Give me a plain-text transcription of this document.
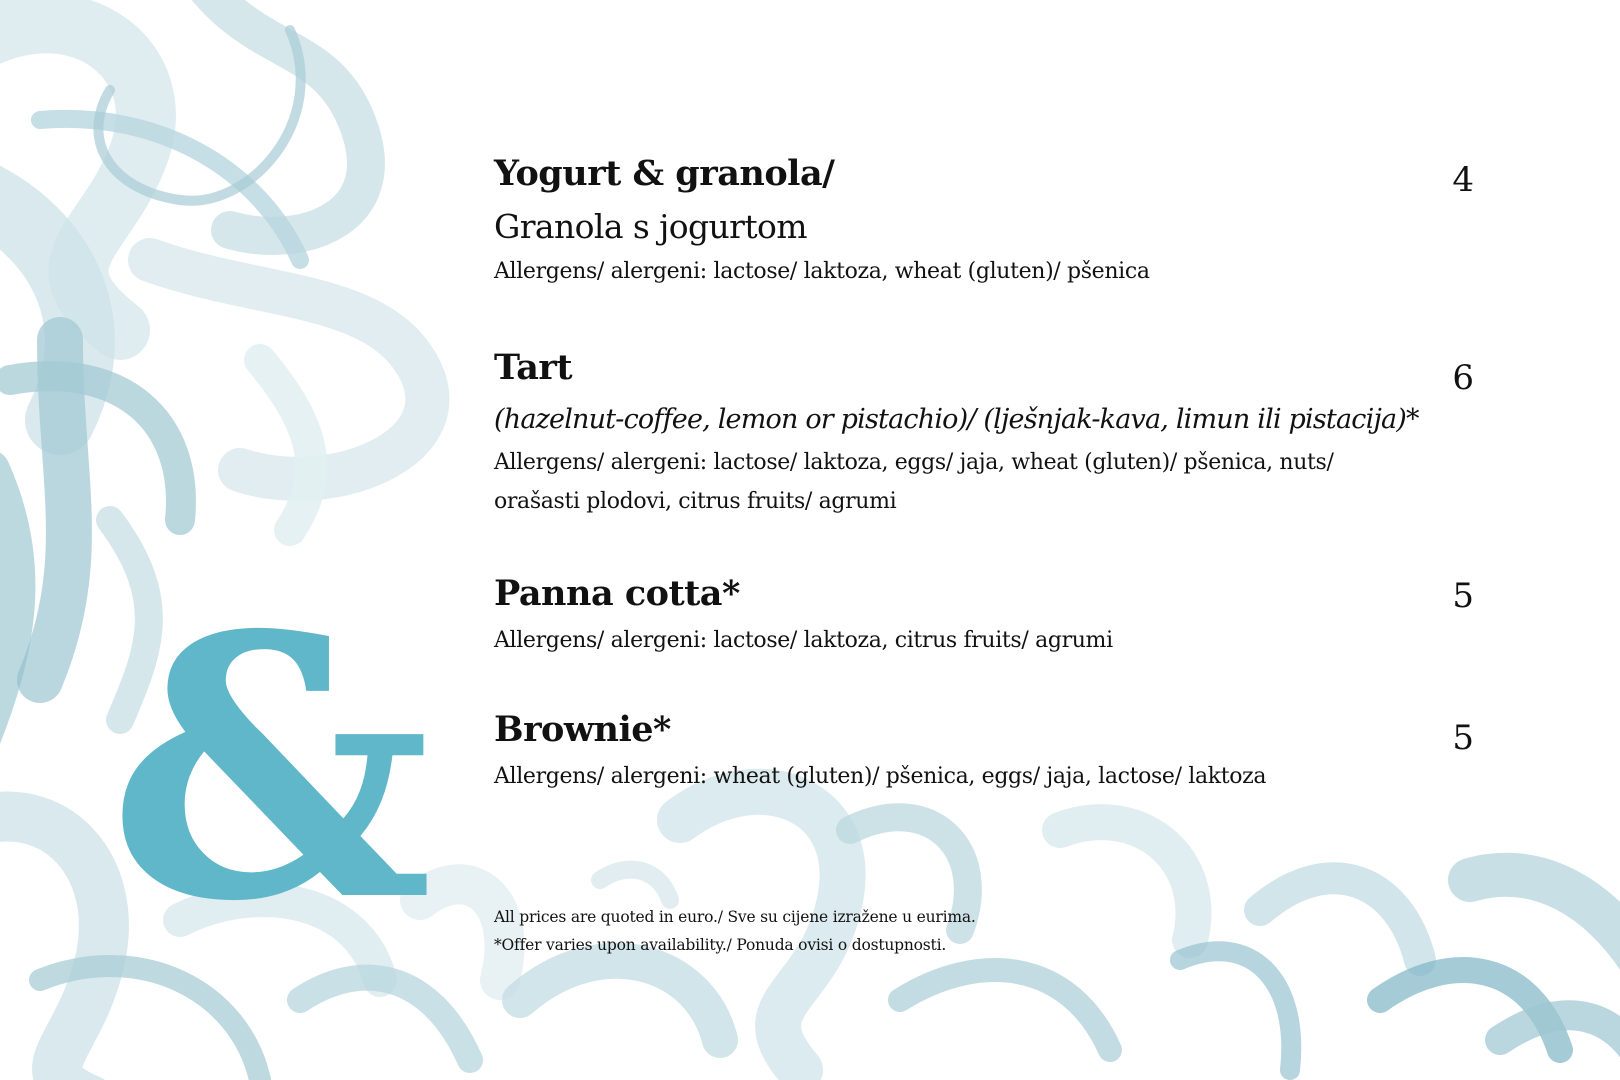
&
Yogurt & granola/
Granola s jogurtom
Allergens/ alergeni: lactose/ laktoza, wheat (gluten)/ pšenica
4
Tart
(hazelnut-coffee, lemon or pistachio)/ (lješnjak-kava, limun ili pistacija)*
Allergens/ alergeni: lactose/ laktoza, eggs/ jaja, wheat (gluten)/ pšenica, nuts/ orašasti plodovi, citrus fruits/ agrumi
6
Panna cotta*
Allergens/ alergeni: lactose/ laktoza, citrus fruits/ agrumi
5
Brownie*
Allergens/ alergeni: wheat (gluten)/ pšenica, eggs/ jaja, lactose/ laktoza
5
All prices are quoted in euro./ Sve su cijene izražene u eurima.
*Offer varies upon availability./ Ponuda ovisi o dostupnosti.
